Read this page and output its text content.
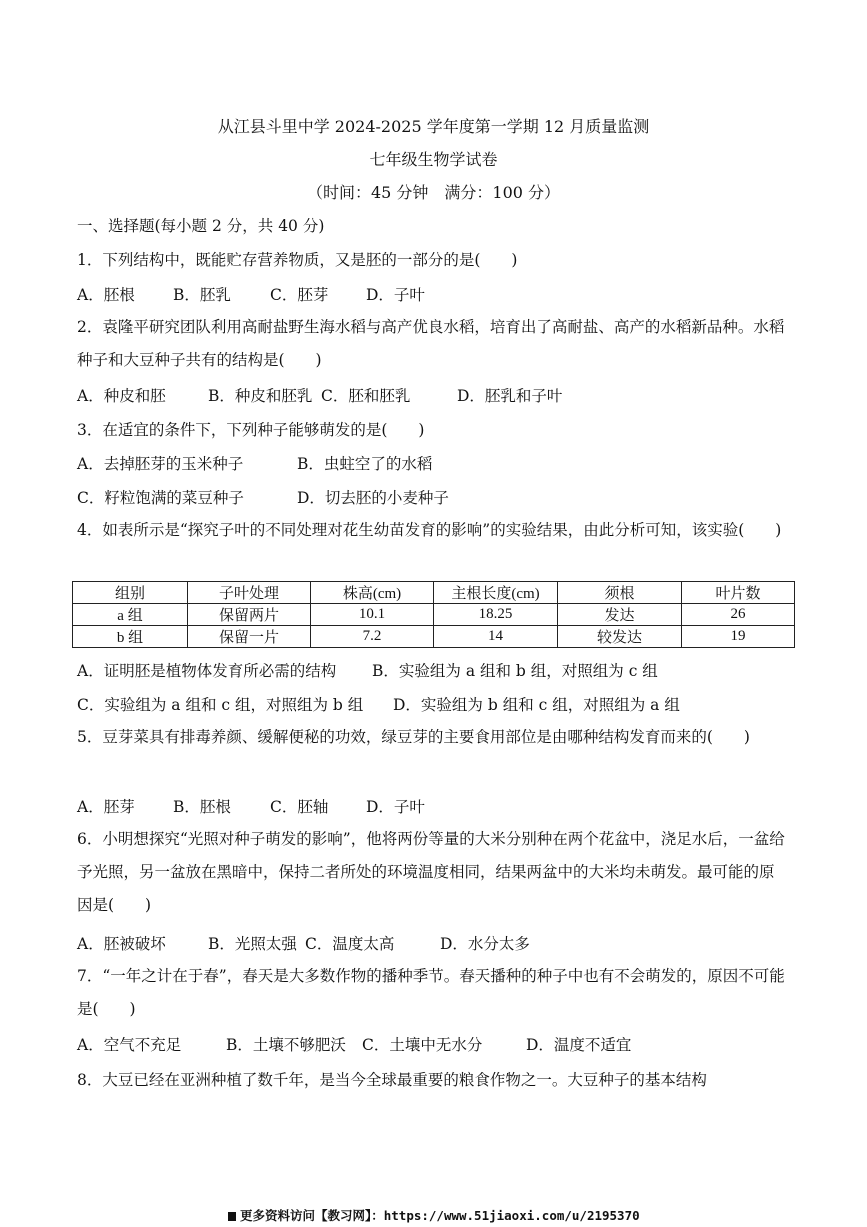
从江县斗里中学 2024-2025 学年度第一学期 12 月质量监测
七年级生物学试卷
（时间：45 分钟　满分：100 分）
一、选择题(每小题 2 分，共 40 分)
1．下列结构中，既能贮存营养物质，又是胚的一部分的是(　　)
A．胚根 B．胚乳	C．胚芽 D．子叶
2．袁隆平研究团队利用高耐盐野生海水稻与高产优良水稻，培育出了高耐盐、高产的水稻新品种。水稻种子和大豆种子共有的结构是(　　)
A．种皮和胚	B．种皮和胚乳 C．胚和胚乳	D．胚乳和子叶
3．在适宜的条件下，下列种子能够萌发的是(　　)
A．去掉胚芽的玉米种子	B．虫蛀空了的水稻
C．籽粒饱满的菜豆种子	D．切去胚的小麦种子
4．如表所示是“探究子叶的不同处理对花生幼苗发育的影响”的实验结果，由此分析可知，该实验(　　)
组别	子叶处理	株高(cm)	主根长度(cm)	须根	叶片数
a 组	保留两片	10.1	18.25	发达	26
b 组	保留一片	7.2	14	较发达	19
A．证明胚是植物体发育所必需的结构 B．实验组为 a 组和 b 组，对照组为 c 组
C．实验组为 a 组和 c 组，对照组为 b 组 D．实验组为 b 组和 c 组，对照组为 a 组
5．豆芽菜具有排毒养颜、缓解便秘的功效，绿豆芽的主要食用部位是由哪种结构发育而来的(　　)
A．胚芽 B．胚根	C．胚轴 D．子叶
6．小明想探究“光照对种子萌发的影响”，他将两份等量的大米分别种在两个花盆中，浇足水后，一盆给予光照，另一盆放在黑暗中，保持二者所处的环境温度相同，结果两盆中的大米均未萌发。最可能的原因是(　　)
A．胚被破坏	B．光照太强 C．温度太高	D．水分太多
7．“一年之计在于春”，春天是大多数作物的播种季节。春天播种的种子中也有不会萌发的，原因不可能是(　　)
A．空气不充足	B．土壤不够肥沃 C．土壤中无水分	D．温度不适宜
8．大豆已经在亚洲种植了数千年，是当今全球最重要的粮食作物之一。大豆种子的基本结构
更多资料访问【教习网】：https://www.51jiaoxi.com/u/2195370
